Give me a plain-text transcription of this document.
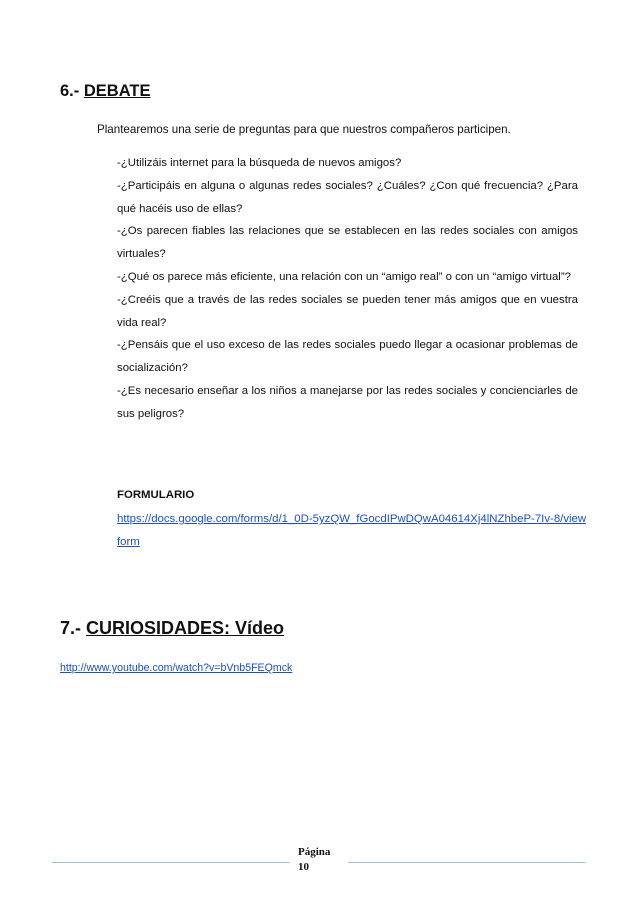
6.- DEBATE
Plantearemos una serie de preguntas para que nuestros compañeros participen.

-¿Utilizáis internet para la búsqueda de nuevos amigos?

-¿Participáis en alguna o algunas redes sociales? ¿Cuáles? ¿Con qué frecuencia? ¿Para qué hacéis uso de ellas?

-¿Os parecen fiables las relaciones que se establecen en las redes sociales con amigos virtuales?

-¿Qué os parece más eficiente, una relación con un “amigo real” o con un “amigo virtual”?

-¿Creéis que a través de las redes sociales se pueden tener más amigos que en vuestra vida real?

-¿Pensáis que el uso exceso de las redes sociales puedo llegar a ocasionar problemas de socialización?

-¿Es necesario enseñar a los niños a manejarse por las redes sociales y concienciarles de sus peligros?

FORMULARIO
https://docs.google.com/forms/d/1_0D-5yzQW_fGocdIPwDQwA04614Xj4lNZhbeP-7Iv-8/viewform
7.- CURIOSIDADES: Vídeo
http://www.youtube.com/watch?v=bVnb5FEQmck
Página
10
